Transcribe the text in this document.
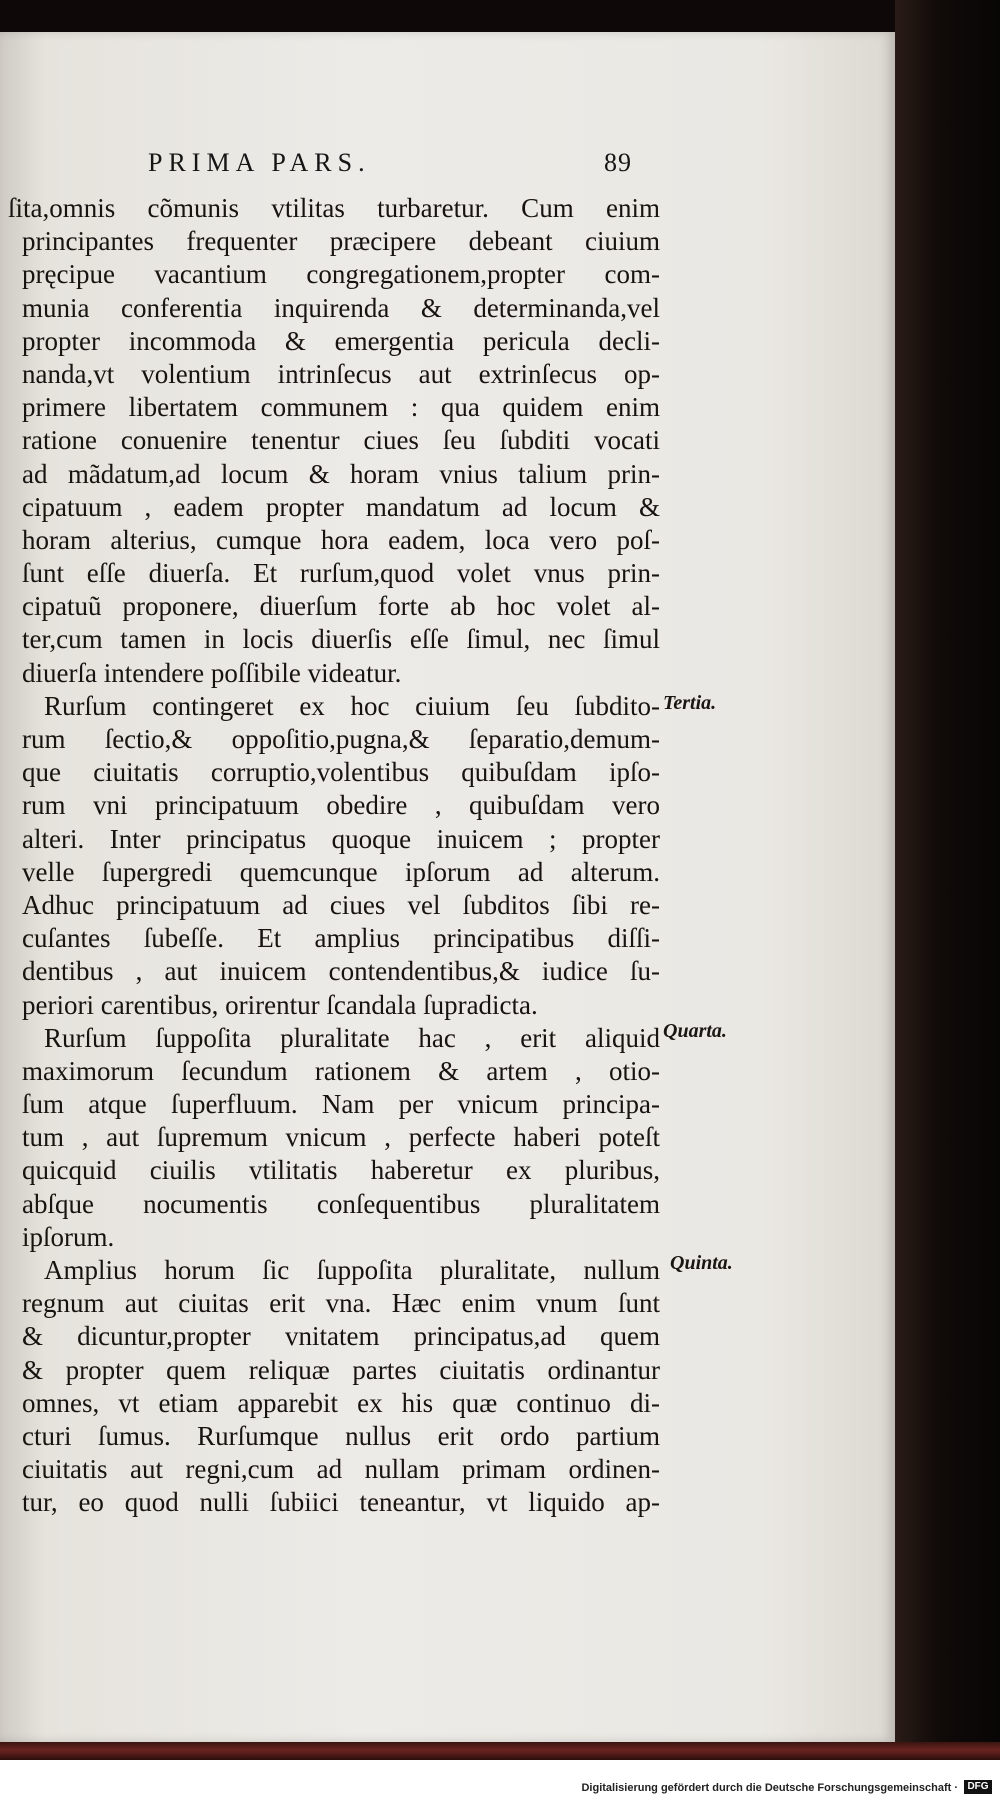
PRIMA PARS.	89
ſita,omnis cõmunis vtilitas turbaretur. Cum enim
principantes frequenter præcipere debeant ciuium
pręcipue vacantium congregationem,propter com-
munia conferentia inquirenda & determinanda,vel
propter incommoda & emergentia pericula decli-
nanda,vt volentium intrinſecus aut extrinſecus op-
primere libertatem communem : qua quidem enim
ratione conuenire tenentur ciues ſeu ſubditi vocati
ad mãdatum,ad locum & horam vnius talium prin-
cipatuum , eadem propter mandatum ad locum &
horam alterius, cumque hora eadem, loca vero poſ-
ſunt eſſe diuerſa. Et rurſum,quod volet vnus prin-
cipatuũ proponere, diuerſum forte ab hoc volet al-
ter,cum tamen in locis diuerſis eſſe ſimul, nec ſimul
diuerſa intendere poſſibile videatur.
Rurſum contingeret ex hoc ciuium ſeu ſubdito-
rum ſectio,& oppoſitio,pugna,& ſeparatio,demum-
que ciuitatis corruptio,volentibus quibuſdam ipſo-
rum vni principatuum obedire , quibuſdam vero
alteri. Inter principatus quoque inuicem ; propter
velle ſupergredi quemcunque ipſorum ad alterum.
Adhuc principatuum ad ciues vel ſubditos ſibi re-
cuſantes ſubeſſe. Et amplius principatibus diſſi-
dentibus , aut inuicem contendentibus,& iudice ſu-
periori carentibus, orirentur ſcandala ſupradicta.
Rurſum ſuppoſita pluralitate hac , erit aliquid
maximorum ſecundum rationem & artem , otio-
ſum atque ſuperfluum. Nam per vnicum principa-
tum , aut ſupremum vnicum , perfecte haberi poteſt
quicquid ciuilis vtilitatis haberetur ex pluribus,
abſque nocumentis conſequentibus pluralitatem
ipſorum.
Amplius horum ſic ſuppoſita pluralitate, nullum
regnum aut ciuitas erit vna. Hæc enim vnum ſunt
& dicuntur,propter vnitatem principatus,ad quem
& propter quem reliquæ partes ciuitatis ordinantur
omnes, vt etiam apparebit ex his quæ continuo di-
cturi ſumus. Rurſumque nullus erit ordo partium
ciuitatis aut regni,cum ad nullam primam ordinen-
tur, eo quod nulli ſubiici teneantur, vt liquido ap-
Tertia.
Quarta.
Quinta.
Digitalisierung gefördert durch die Deutsche Forschungsgemeinschaft · DFG
